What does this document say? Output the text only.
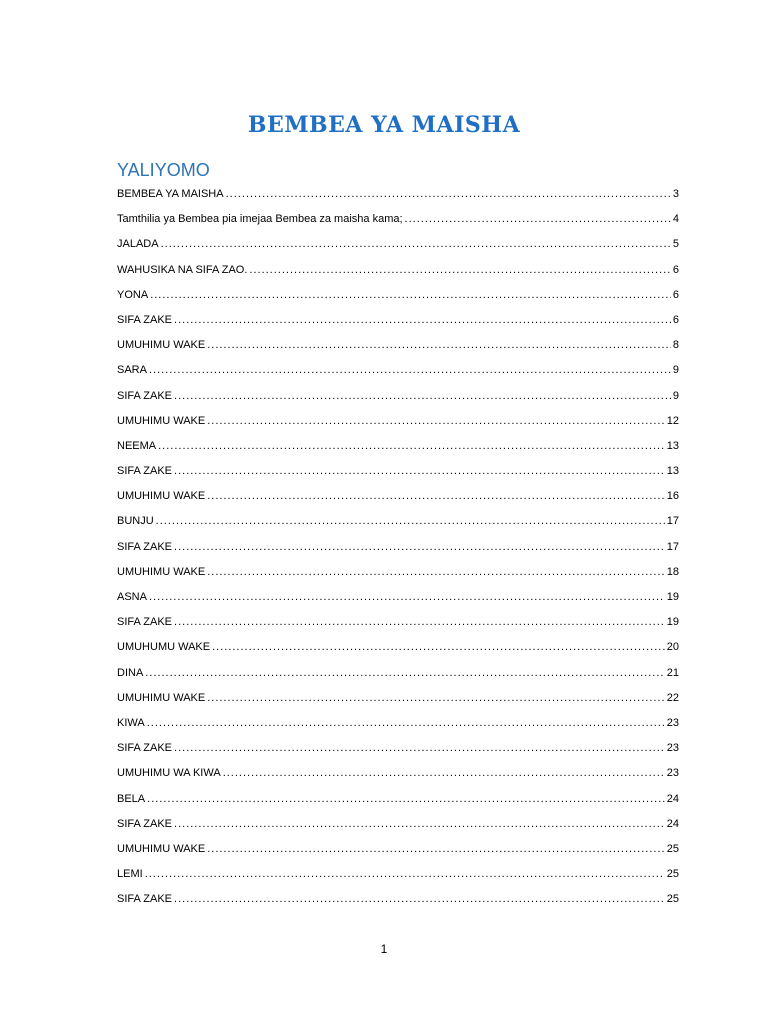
BEMBEA YA MAISHA
YALIYOMO
BEMBEA YA MAISHA .....	3
Tamthilia ya Bembea pia imejaa Bembea za maisha kama; .....	4
JALADA .....	5
WAHUSIKA NA SIFA ZAO. .....	6
YONA .....	6
SIFA ZAKE .....	6
UMUHIMU WAKE .....	8
SARA .....	9
SIFA ZAKE .....	9
UMUHIMU WAKE .....	12
NEEMA .....	13
SIFA ZAKE .....	13
UMUHIMU WAKE .....	16
BUNJU .....	17
SIFA ZAKE .....	17
UMUHIMU WAKE .....	18
ASNA .....	19
SIFA ZAKE .....	19
UMUHUMU WAKE .....	20
DINA .....	21
UMUHIMU WAKE .....	22
KIWA .....	23
SIFA ZAKE .....	23
UMUHIMU WA KIWA .....	23
BELA .....	24
SIFA ZAKE .....	24
UMUHIMU WAKE .....	25
LEMI .....	25
SIFA ZAKE .....	25
1
